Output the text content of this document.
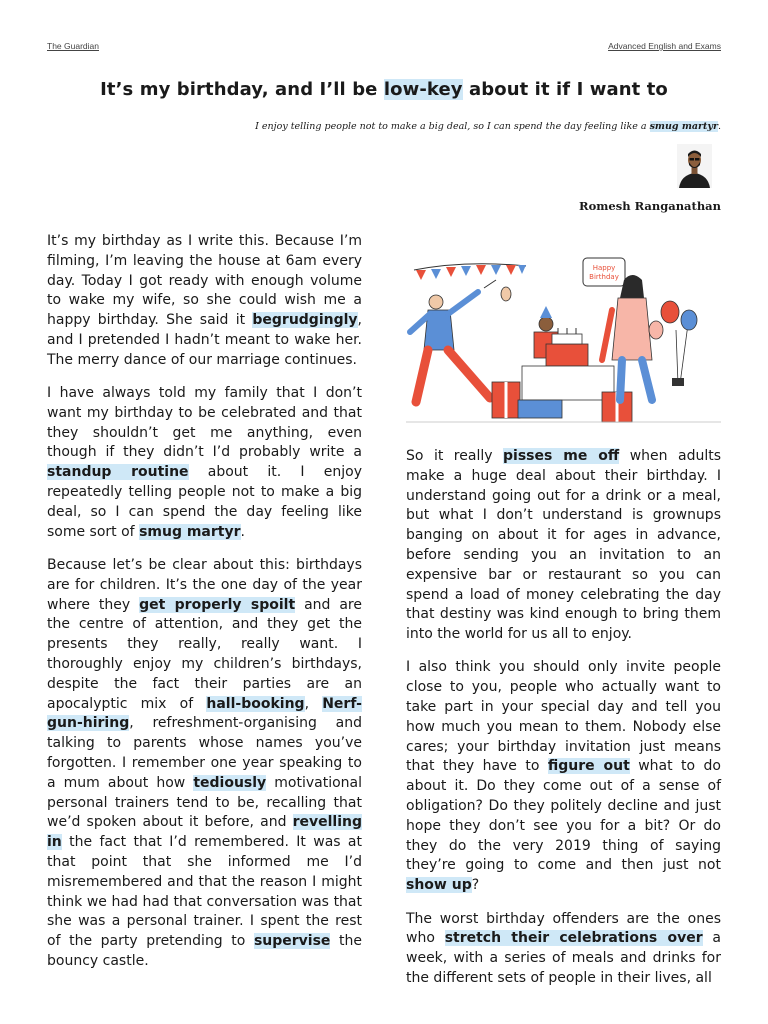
The Guardian	Advanced English and Exams
It’s my birthday, and I’ll be low-key about it if I want to
I enjoy telling people not to make a big deal, so I can spend the day feeling like a smug martyr.
Romesh Ranganathan

It’s my birthday as I write this. Because I’m filming, I’m leaving the house at 6am every day. Today I got ready with enough volume to wake my wife, so she could wish me a happy birthday. She said it begrudgingly, and I pretended I hadn’t meant to wake her. The merry dance of our marriage continues.

I have always told my family that I don’t want my birthday to be celebrated and that they shouldn’t get me anything, even though if they didn’t I’d probably write a standup routine about it. I enjoy repeatedly telling people not to make a big deal, so I can spend the day feeling like some sort of smug martyr.

Because let’s be clear about this: birthdays are for children. It’s the one day of the year where they get properly spoilt and are the centre of attention, and they get the presents they really, really want. I thoroughly enjoy my children’s birthdays, despite the fact their parties are an apocalyptic mix of hall-booking, Nerf-gun-hiring, refreshment-organising and talking to parents whose names you’ve forgotten. I remember one year speaking to a mum about how tediously motivational personal trainers tend to be, recalling that we’d spoken about it before, and revelling in the fact that I’d remembered. It was at that point that she informed me I’d misremembered and that the reason I might think we had had that conversation was that she was a personal trainer. I spent the rest of the party pretending to supervise the bouncy castle.

Happy
Birthday

So it really pisses me off when adults make a huge deal about their birthday. I understand going out for a drink or a meal, but what I don’t understand is grownups banging on about it for ages in advance, before sending you an invitation to an expensive bar or restaurant so you can spend a load of money celebrating the day that destiny was kind enough to bring them into the world for us all to enjoy.

I also think you should only invite people close to you, people who actually want to take part in your special day and tell you how much you mean to them. Nobody else cares; your birthday invitation just means that they have to figure out what to do about it. Do they come out of a sense of obligation? Do they politely decline and just hope they don’t see you for a bit? Or do they do the very 2019 thing of saying they’re going to come and then just not show up?

The worst birthday offenders are the ones who stretch their celebrations over a week, with a series of meals and drinks for the different sets of people in their lives, all
